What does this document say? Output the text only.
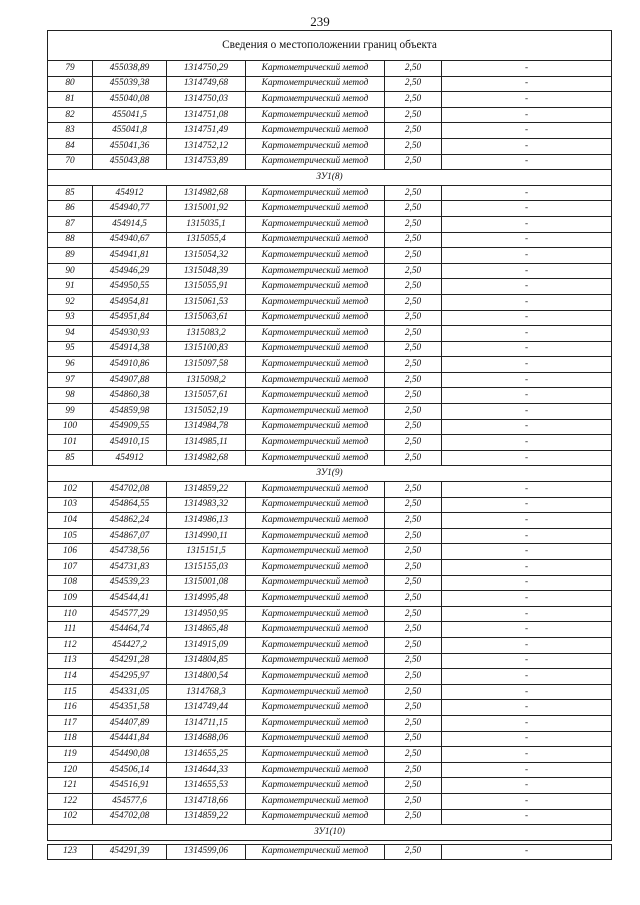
239
Сведения о местоположении границ объекта					
79	455038,89	1314750,29	Картометрический метод	2,50	-
80	455039,38	1314749,68	Картометрический метод	2,50	-
81	455040,08	1314750,03	Картометрический метод	2,50	-
82	455041,5	1314751,08	Картометрический метод	2,50	-
83	455041,8	1314751,49	Картометрический метод	2,50	-
84	455041,36	1314752,12	Картометрический метод	2,50	-
70	455043,88	1314753,89	Картометрический метод	2,50	-
ЗУ1(8)					
85	454912	1314982,68	Картометрический метод	2,50	-
86	454940,77	1315001,92	Картометрический метод	2,50	-
87	454914,5	1315035,1	Картометрический метод	2,50	-
88	454940,67	1315055,4	Картометрический метод	2,50	-
89	454941,81	1315054,32	Картометрический метод	2,50	-
90	454946,29	1315048,39	Картометрический метод	2,50	-
91	454950,55	1315055,91	Картометрический метод	2,50	-
92	454954,81	1315061,53	Картометрический метод	2,50	-
93	454951,84	1315063,61	Картометрический метод	2,50	-
94	454930,93	1315083,2	Картометрический метод	2,50	-
95	454914,38	1315100,83	Картометрический метод	2,50	-
96	454910,86	1315097,58	Картометрический метод	2,50	-
97	454907,88	1315098,2	Картометрический метод	2,50	-
98	454860,38	1315057,61	Картометрический метод	2,50	-
99	454859,98	1315052,19	Картометрический метод	2,50	-
100	454909,55	1314984,78	Картометрический метод	2,50	-
101	454910,15	1314985,11	Картометрический метод	2,50	-
85	454912	1314982,68	Картометрический метод	2,50	-
ЗУ1(9)					
102	454702,08	1314859,22	Картометрический метод	2,50	-
103	454864,55	1314983,32	Картометрический метод	2,50	-
104	454862,24	1314986,13	Картометрический метод	2,50	-
105	454867,07	1314990,11	Картометрический метод	2,50	-
106	454738,56	1315151,5	Картометрический метод	2,50	-
107	454731,83	1315155,03	Картометрический метод	2,50	-
108	454539,23	1315001,08	Картометрический метод	2,50	-
109	454544,41	1314995,48	Картометрический метод	2,50	-
110	454577,29	1314950,95	Картометрический метод	2,50	-
111	454464,74	1314865,48	Картометрический метод	2,50	-
112	454427,2	1314915,09	Картометрический метод	2,50	-
113	454291,28	1314804,85	Картометрический метод	2,50	-
114	454295,97	1314800,54	Картометрический метод	2,50	-
115	454331,05	1314768,3	Картометрический метод	2,50	-
116	454351,58	1314749,44	Картометрический метод	2,50	-
117	454407,89	1314711,15	Картометрический метод	2,50	-
118	454441,84	1314688,06	Картометрический метод	2,50	-
119	454490,08	1314655,25	Картометрический метод	2,50	-
120	454506,14	1314644,33	Картометрический метод	2,50	-
121	454516,91	1314655,53	Картометрический метод	2,50	-
122	454577,6	1314718,66	Картометрический метод	2,50	-
102	454702,08	1314859,22	Картометрический метод	2,50	-
ЗУ1(10)					

123	454291,39	1314599,06	Картометрический метод	2,50	-
